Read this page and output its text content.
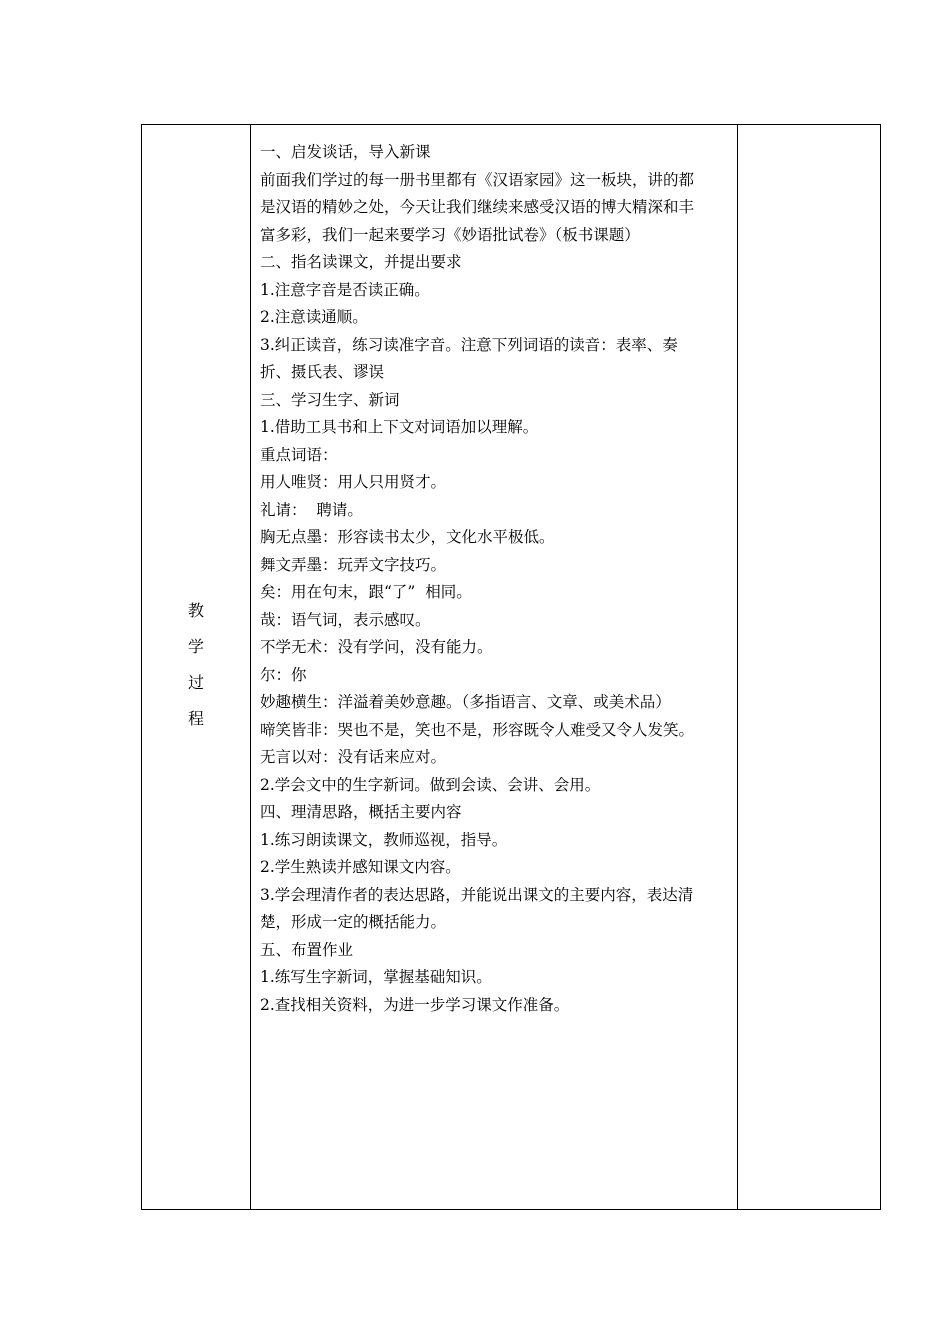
教
学
过
程

一、启发谈话，导入新课

前面我们学过的每一册书里都有《汉语家园》这一板块，讲的都

是汉语的精妙之处，今天让我们继续来感受汉语的博大精深和丰

富多彩，我们一起来要学习《妙语批试卷》（板书课题）

二、指名读课文，并提出要求

1.注意字音是否读正确。

2.注意读通顺。

3.纠正读音，练习读准字音。注意下列词语的读音：表率、奏

折、摄氏表、谬误

三、学习生字、新词

1.借助工具书和上下文对词语加以理解。

重点词语：

用人唯贤：用人只用贤才。

礼请：  聘请。

胸无点墨：形容读书太少，文化水平极低。

舞文弄墨：玩弄文字技巧。

矣：用在句末，跟“了”  相同。

哉：语气词，表示感叹。

不学无术：没有学问，没有能力。

尔：你

妙趣横生：洋溢着美妙意趣。（多指语言、文章、或美术品）

啼笑皆非：哭也不是，笑也不是，形容既令人难受又令人发笑。

无言以对：没有话来应对。

2.学会文中的生字新词。做到会读、会讲、会用。

四、理清思路，概括主要内容

1.练习朗读课文，教师巡视，指导。

2.学生熟读并感知课文内容。

3.学会理清作者的表达思路，并能说出课文的主要内容，表达清

楚，形成一定的概括能力。

五、布置作业

1.练写生字新词，掌握基础知识。

2.查找相关资料，为进一步学习课文作准备。
